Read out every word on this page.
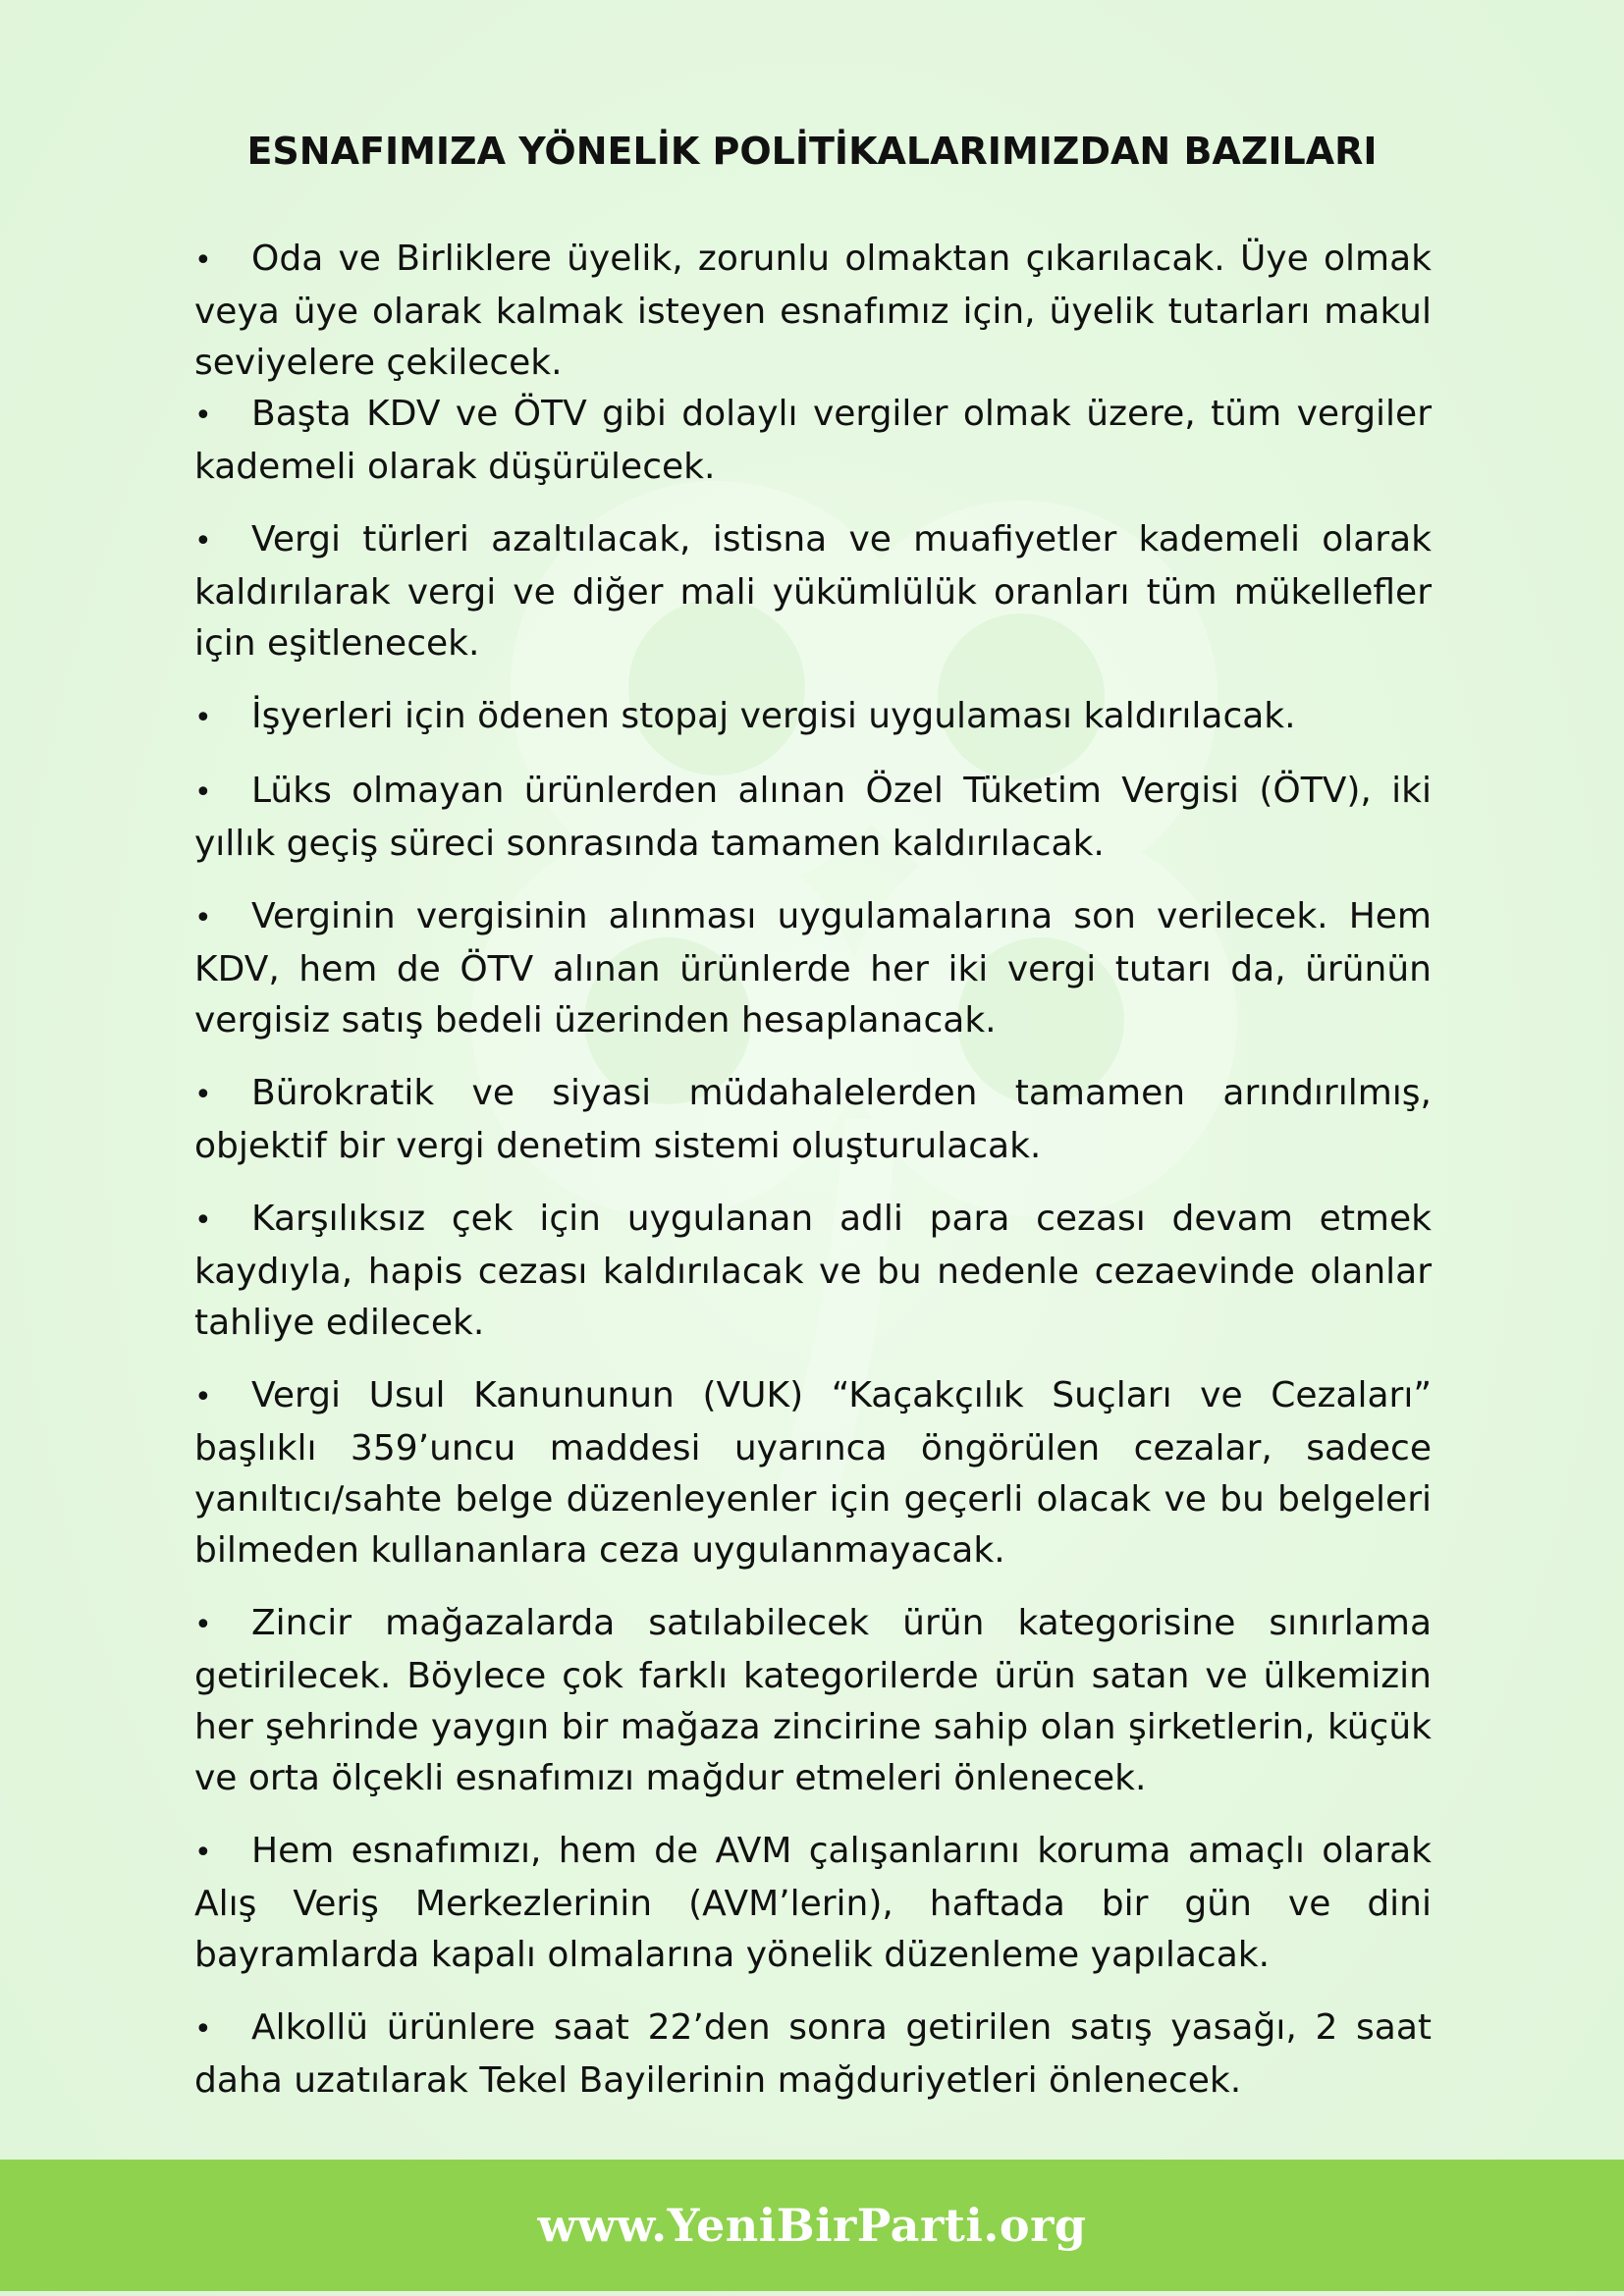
ESNAFIMIZA YÖNELİK POLİTİKALARIMIZDAN BAZILARI

• Oda ve Birliklere üyelik, zorunlu olmaktan çıkarılacak. Üye olmak veya üye olarak kalmak isteyen esnafımız için, üyelik tutarları makul seviyelere çekilecek.

• Başta KDV ve ÖTV gibi dolaylı vergiler olmak üzere, tüm vergiler kademeli olarak düşürülecek.

• Vergi türleri azaltılacak, istisna ve muafiyetler kademeli olarak kaldırılarak vergi ve diğer mali yükümlülük oranları tüm mükellefler için eşitlenecek.

• İşyerleri için ödenen stopaj vergisi uygulaması kaldırılacak.

• Lüks olmayan ürünlerden alınan Özel Tüketim Vergisi (ÖTV), iki yıllık geçiş süreci sonrasında tamamen kaldırılacak.

• Verginin vergisinin alınması uygulamalarına son verilecek. Hem KDV, hem de ÖTV alınan ürünlerde her iki vergi tutarı da, ürünün vergisiz satış bedeli üzerinden hesaplanacak.

• Bürokratik ve siyasi müdahalelerden tamamen arındırılmış, objektif bir vergi denetim sistemi oluşturulacak.

• Karşılıksız çek için uygulanan adli para cezası devam etmek kaydıyla, hapis cezası kaldırılacak ve bu nedenle cezaevinde olanlar tahliye edilecek.

• Vergi Usul Kanununun (VUK) “Kaçakçılık Suçları ve Cezaları” başlıklı 359’uncu maddesi uyarınca öngörülen cezalar, sadece yanıltıcı/sahte belge düzenleyenler için geçerli olacak ve bu belgeleri bilmeden kullananlara ceza uygulanmayacak.

• Zincir mağazalarda satılabilecek ürün kategorisine sınırlama getirilecek. Böylece çok farklı kategorilerde ürün satan ve ülkemizin her şehrinde yaygın bir mağaza zincirine sahip olan şirketlerin, küçük ve orta ölçekli esnafımızı mağdur etmeleri önlenecek.

• Hem esnafımızı, hem de AVM çalışanlarını koruma amaçlı olarak Alış Veriş Merkezlerinin (AVM’lerin), haftada bir gün ve dini bayramlarda kapalı olmalarına yönelik düzenleme yapılacak.

• Alkollü ürünlere saat 22’den sonra getirilen satış yasağı, 2 saat daha uzatılarak Tekel Bayilerinin mağduriyetleri önlenecek.

www.YeniBirParti.org
